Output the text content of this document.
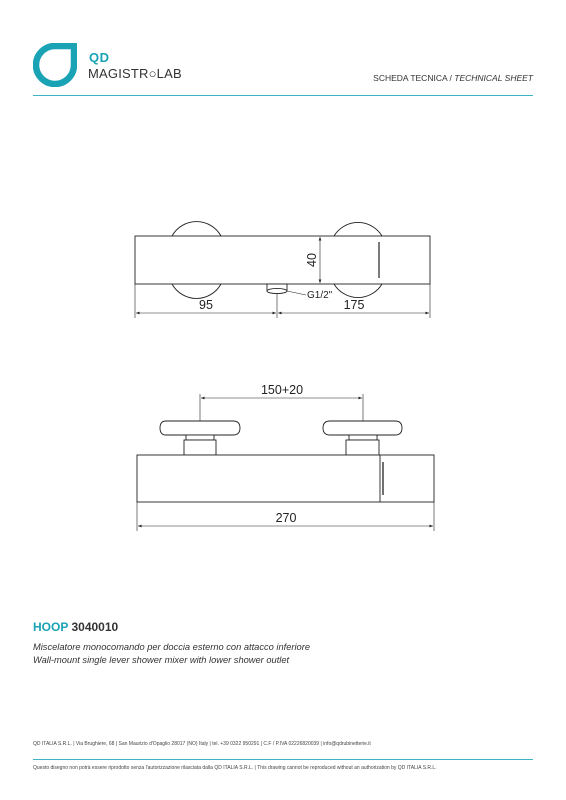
QD
MAGISTR○LAB	SCHEDA TECNICA / TECHNICAL SHEET
95	175
40
G1/2"
150+20
270
HOOP 3040010
Miscelatore monocomando per doccia esterno con attacco inferiore
Wall-mount single lever shower mixer with lower shower outlet
QD ITALIA S.R.L. | Via Brughiere, 68 | San Maurizio d'Opaglio 28017 (NO) Italy | tel. +39 0322 950291 | C.F / P.IVA 02226820039 | info@qdrubinetterie.it
Questo disegno non potrà essere riprodotto senza l'autorizzazione rilasciata dalla QD ITALIA S.R.L. | This drawing cannot be reproduced without an authorization by QD ITALIA S.R.L.
